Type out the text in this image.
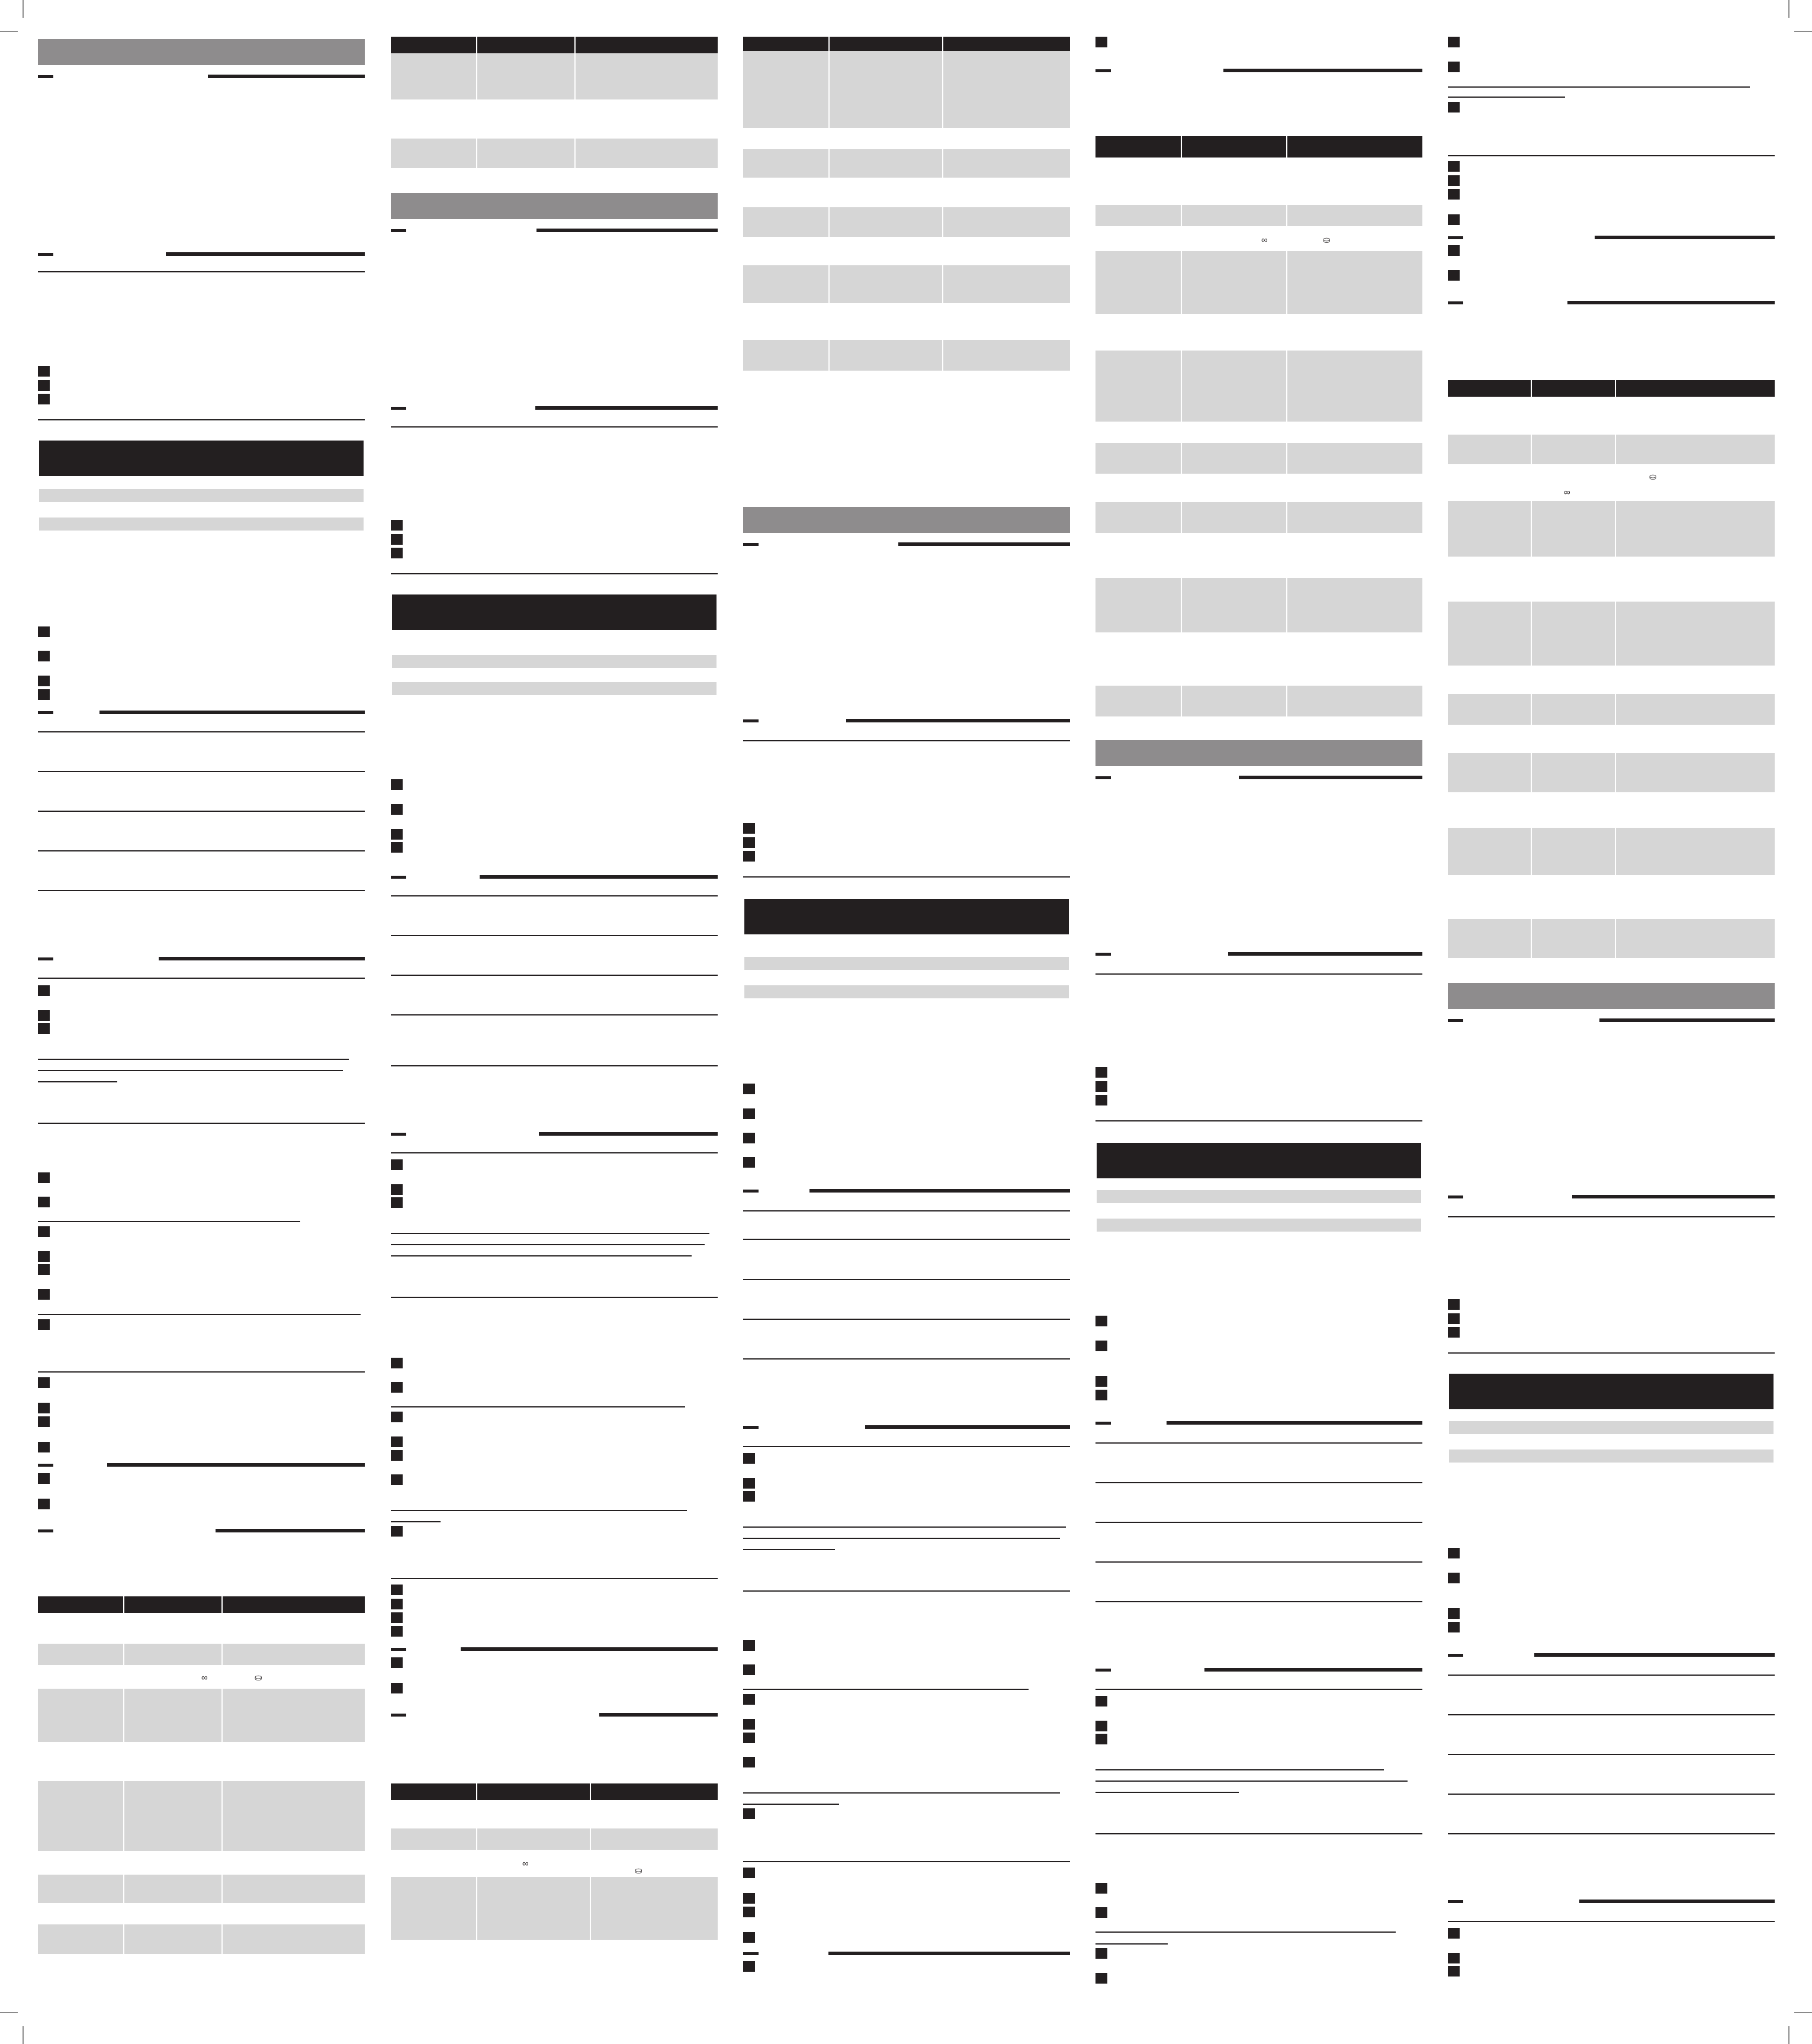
∞	⛀
∞
⛀
∞	⛀
⛀
∞
